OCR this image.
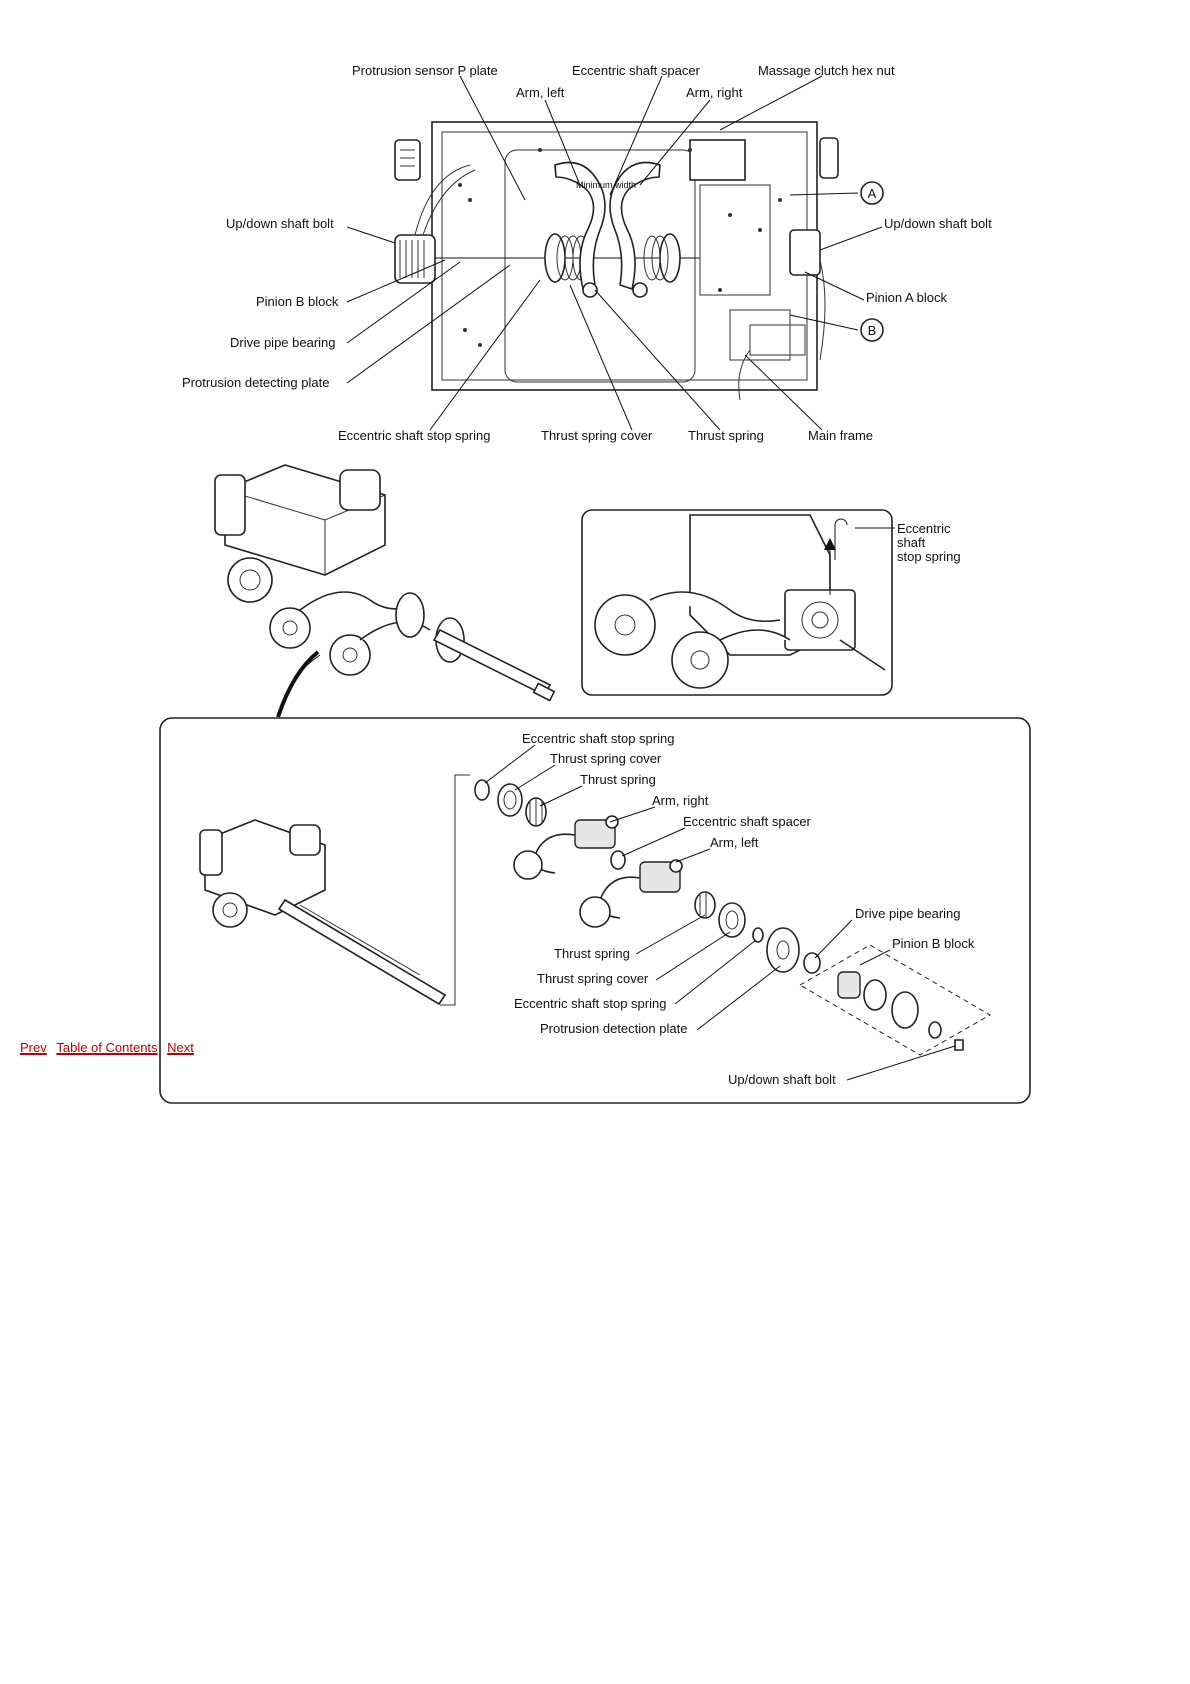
A
B
Protrusion sensor P plate	Eccentric shaft spacer	Massage clutch hex nut
Arm, left	Arm, right
Minimum width
Up/down shaft bolt	Up/down shaft bolt
Pinion B block	Pinion A block
Drive pipe bearing
Protrusion detecting plate
Eccentric shaft stop spring	Thrust spring cover	Thrust spring	Main frame
Eccentric
shaft
stop spring
Eccentric shaft stop spring
Thrust spring cover
Thrust spring
Arm, right
Eccentric shaft spacer
Arm, left
Drive pipe bearing
Pinion B block
Thrust spring
Thrust spring cover
Eccentric shaft stop spring
Protrusion detection plate
Up/down shaft bolt
Prev Table of Contents Next
